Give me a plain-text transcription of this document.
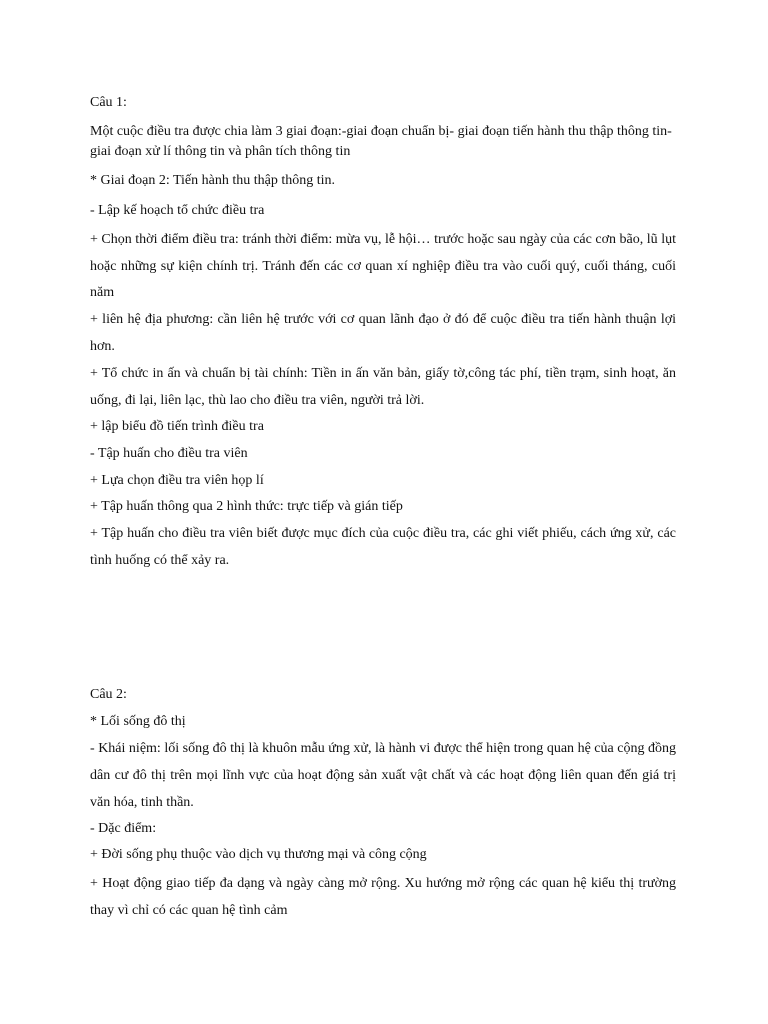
Câu 1:

Một cuộc điều tra được chia làm 3 giai đoạn:-giai đoạn chuẩn bị- giai đoạn tiến hành thu thập thông tin-giai đoạn xử lí thông tin và phân tích thông tin

* Giai đoạn 2: Tiến hành thu thập thông tin.

- Lập kế hoạch tổ chức điều tra

+ Chọn thời điểm điều tra: tránh thời điểm: mừa vụ, lễ hội… trước hoặc sau ngày của các cơn bão, lũ lụt hoặc những sự kiện chính trị. Tránh đến các cơ quan xí nghiệp điều tra vào cuối quý, cuối tháng, cuối năm

+ liên hệ địa phương: cần liên hệ trước với cơ quan lãnh đạo ở đó để cuộc điều tra tiến hành thuận lợi hơn.

+ Tổ chức in ấn và chuẩn bị tài chính: Tiền in ấn văn bản, giấy tờ,công tác phí, tiền trạm, sinh hoạt, ăn uống, đi lại, liên lạc, thù lao cho điều tra viên, người trả lời.

+ lập biểu đồ tiến trình điều tra

- Tập huấn cho điều tra viên

+ Lựa chọn điều tra viên họp lí

+ Tập huấn thông qua 2 hình thức: trực tiếp và gián tiếp

+ Tập huấn cho điều tra viên biết được mục đích của cuộc điều tra, các ghi viết phiếu, cách ứng xử, các tình huống có thể xảy ra.

Câu 2:

* Lối sống đô thị

- Khái niệm: lối sống đô thị là khuôn mẫu ứng xử, là hành vi được thể hiện trong quan hệ của cộng đồng dân cư đô thị trên mọi lĩnh vực của hoạt động sản xuất vật chất và các hoạt động liên quan đến giá trị văn hóa, tinh thần.

- Dặc điểm:

+ Đời sống phụ thuộc vào dịch vụ thương mại và công cộng

+ Hoạt động giao tiếp đa dạng và ngày càng mở rộng. Xu hướng mở rộng các quan hệ kiểu thị trường thay vì chỉ có các quan hệ tình cảm
